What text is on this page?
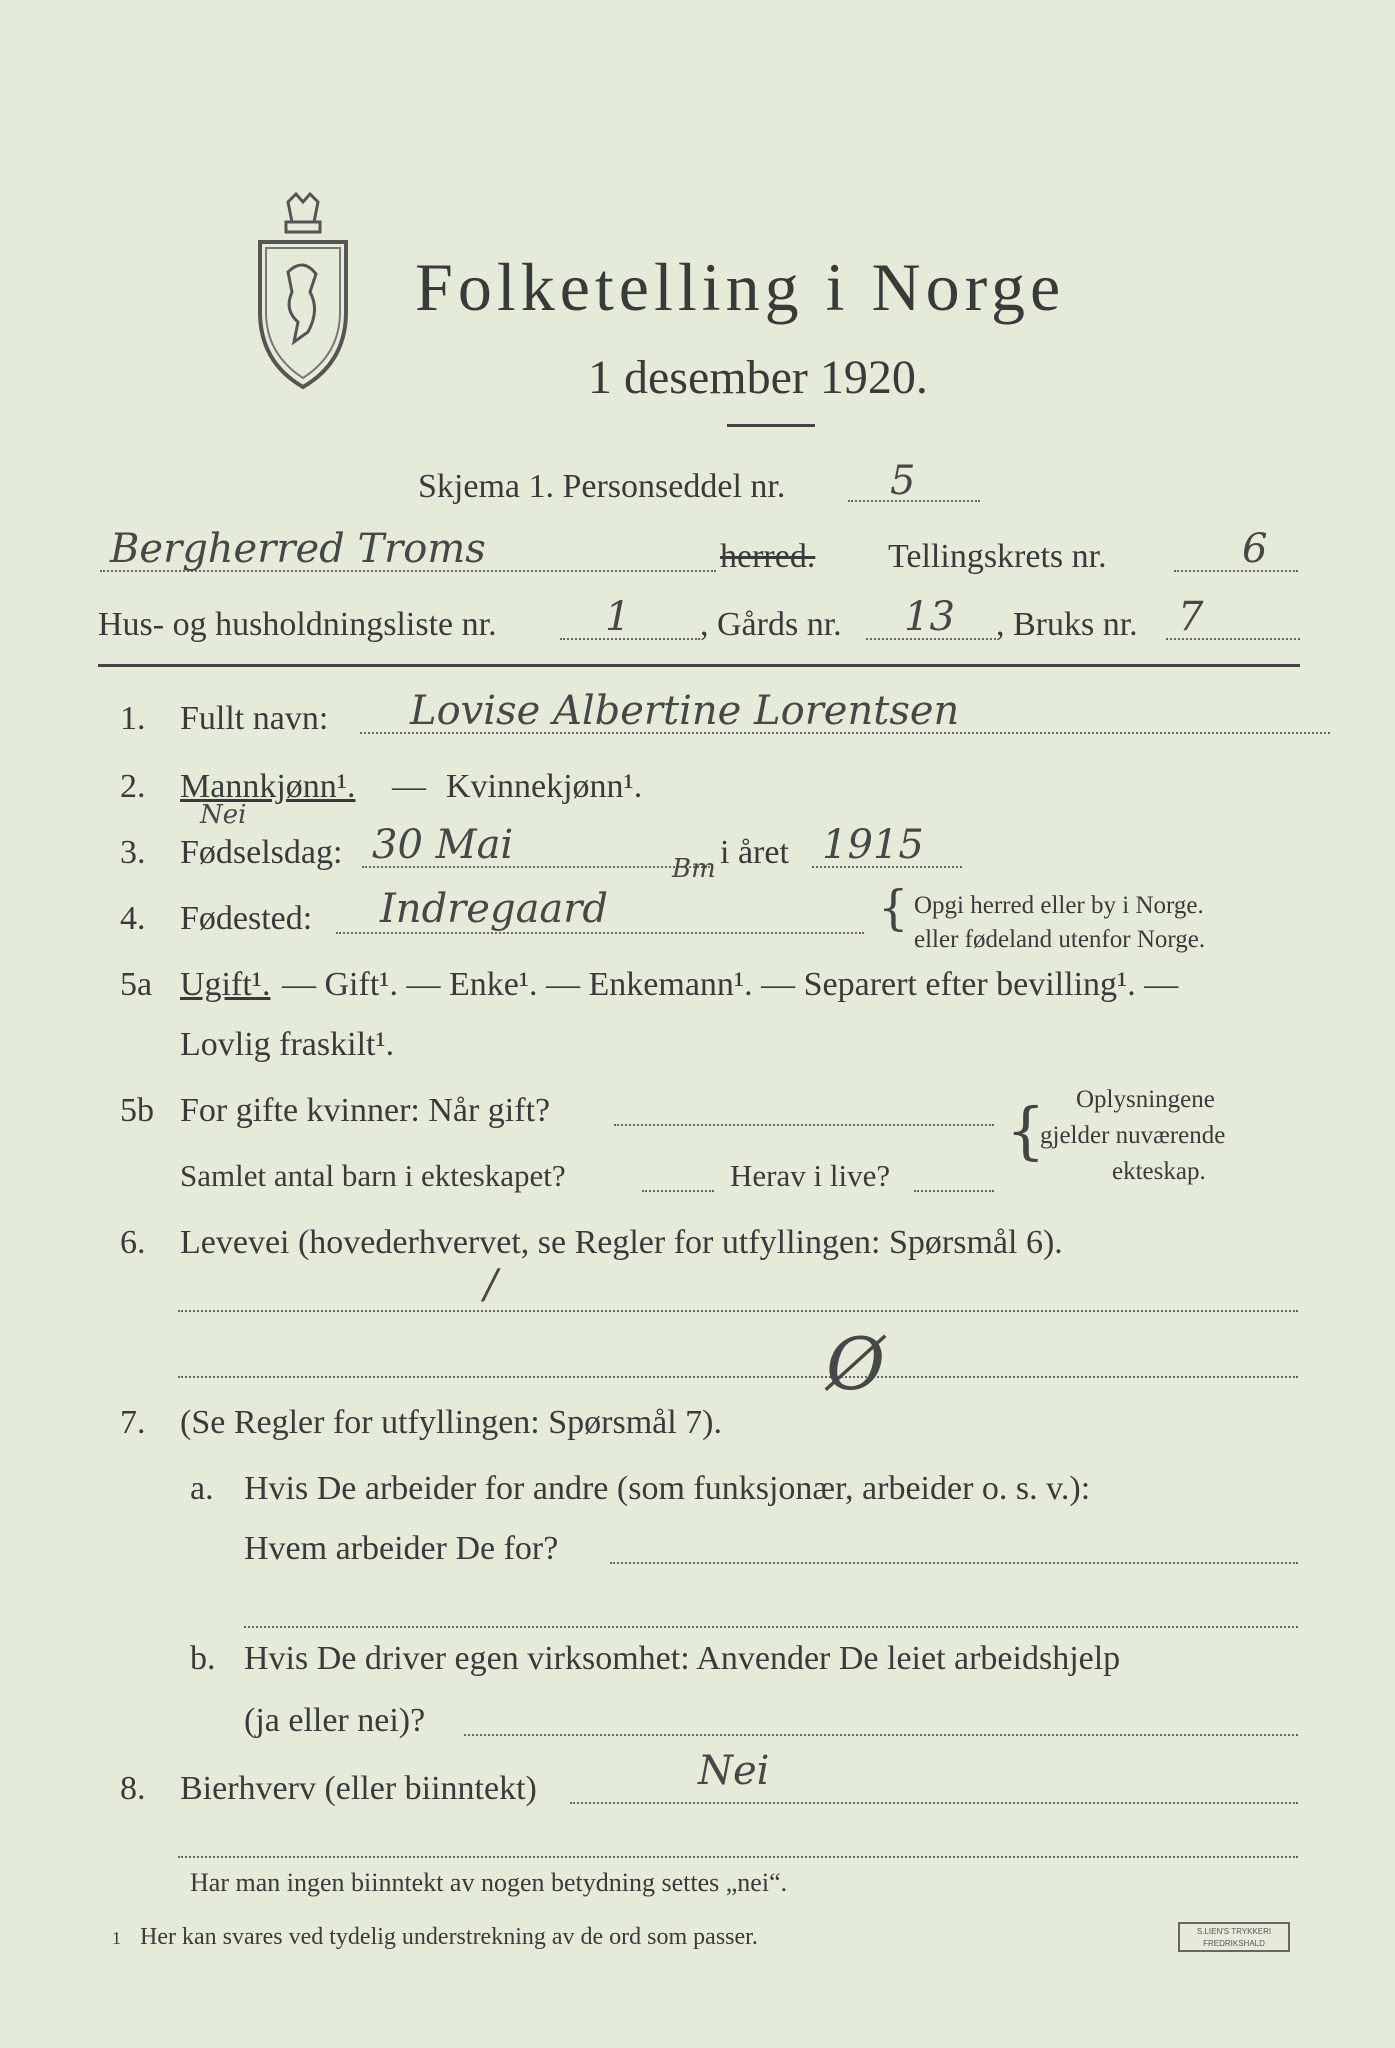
Folketelling i Norge
1 desember 1920.
Skjema 1. Personseddel nr.	5
Bergherred Troms	herred. Tellingskrets nr.	6
Hus- og husholdningsliste nr.	1 , Gårds nr. 13 , Bruks nr. 7
1. Fullt navn: Lovise Albertine Lorentsen
2. Mannkjønn¹. — Kvinnekjønn¹.
Nei
3. Fødselsdag: 30 Mai	i året 1915
4. Fødested: Indregaard
Bm
{ Opgi herred eller by i Norge.
eller fødeland utenfor Norge.
5a Ugift¹. — Gift¹. — Enke¹. — Enkemann¹. — Separert efter bevilling¹. —
Lovlig fraskilt¹.
5b For gifte kvinner: Når gift?
Samlet antal barn i ekteskapet?	Herav i live?
{ Oplysningene
gjelder nuværende
ekteskap.
6. Levevei (hovederhvervet, se Regler for utfyllingen: Spørsmål 6).
/
7. (Se Regler for utfyllingen: Spørsmål 7).
Ø
a. Hvis De arbeider for andre (som funksjonær, arbeider o. s. v.):
Hvem arbeider De for?
b. Hvis De driver egen virksomhet: Anvender De leiet arbeidshjelp
(ja eller nei)?
8. Bierhverv (eller biinntekt)	Nei
Har man ingen biinntekt av nogen betydning settes „nei“.
1 Her kan svares ved tydelig understrekning av de ord som passer.	S.LIEN'S TRYKKERI
FREDRIKSHALD
